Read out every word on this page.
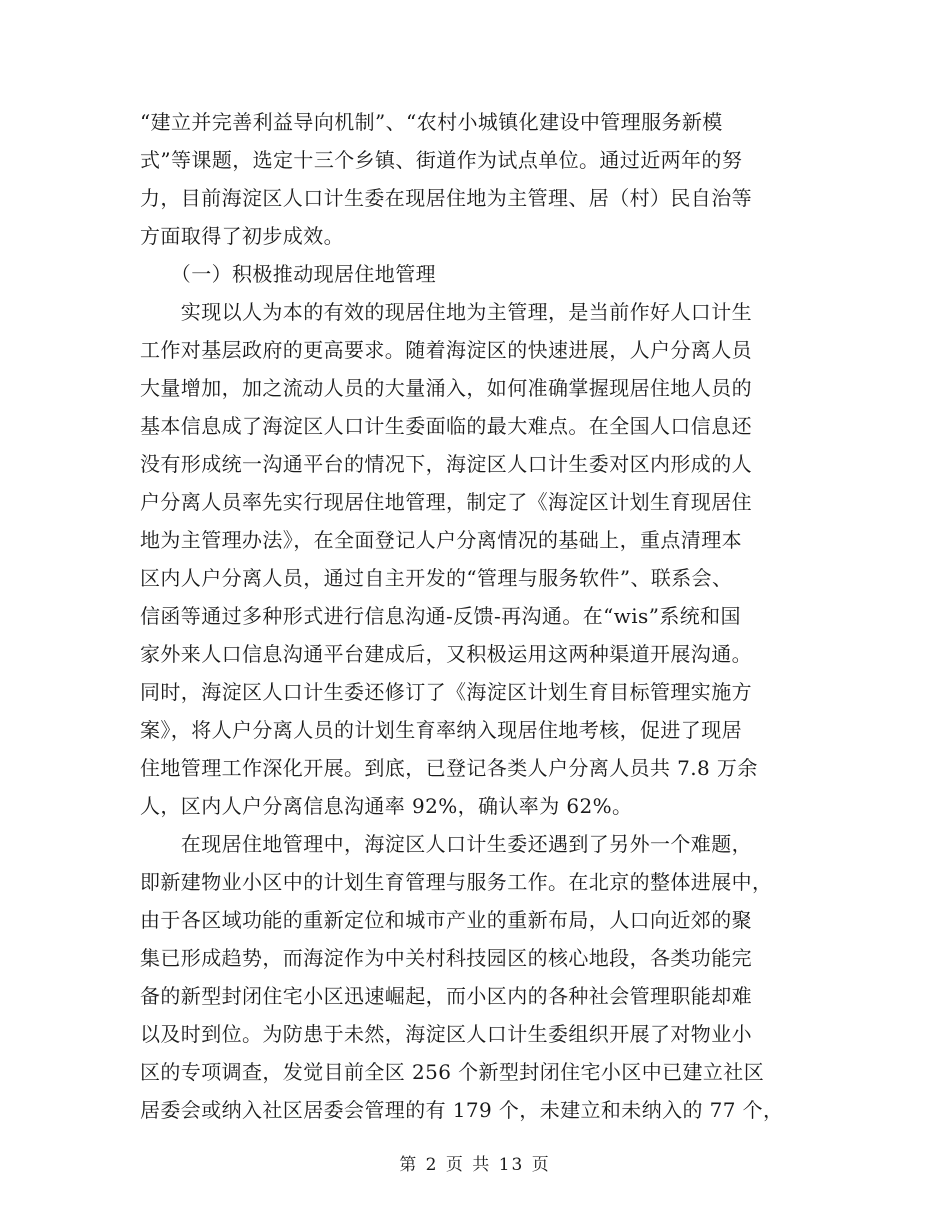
“建立并完善利益导向机制”、“农村小城镇化建设中管理服务新模
式”等课题，选定十三个乡镇、街道作为试点单位。通过近两年的努
力，目前海淀区人口计生委在现居住地为主管理、居（村）民自治等
方面取得了初步成效。

　　（一）积极推动现居住地管理

　　实现以人为本的有效的现居住地为主管理，是当前作好人口计生
工作对基层政府的更高要求。随着海淀区的快速进展，人户分离人员
大量增加，加之流动人员的大量涌入，如何准确掌握现居住地人员的
基本信息成了海淀区人口计生委面临的最大难点。在全国人口信息还
没有形成统一沟通平台的情况下，海淀区人口计生委对区内形成的人
户分离人员率先实行现居住地管理，制定了《海淀区计划生育现居住
地为主管理办法》，在全面登记人户分离情况的基础上，重点清理本
区内人户分离人员，通过自主开发的“管理与服务软件”、联系会、
信函等通过多种形式进行信息沟通-反馈-再沟通。在“wis”系统和国
家外来人口信息沟通平台建成后，又积极运用这两种渠道开展沟通。
同时，海淀区人口计生委还修订了《海淀区计划生育目标管理实施方
案》，将人户分离人员的计划生育率纳入现居住地考核，促进了现居
住地管理工作深化开展。到底，已登记各类人户分离人员共 7.8 万余
人，区内人户分离信息沟通率 92%，确认率为 62%。

　　在现居住地管理中，海淀区人口计生委还遇到了另外一个难题，
即新建物业小区中的计划生育管理与服务工作。在北京的整体进展中，
由于各区域功能的重新定位和城市产业的重新布局，人口向近郊的聚
集已形成趋势，而海淀作为中关村科技园区的核心地段，各类功能完
备的新型封闭住宅小区迅速崛起，而小区内的各种社会管理职能却难
以及时到位。为防患于未然，海淀区人口计生委组织开展了对物业小
区的专项调查，发觉目前全区 256 个新型封闭住宅小区中已建立社区
居委会或纳入社区居委会管理的有 179 个，未建立和未纳入的 77 个，

第 2 页 共 13 页
